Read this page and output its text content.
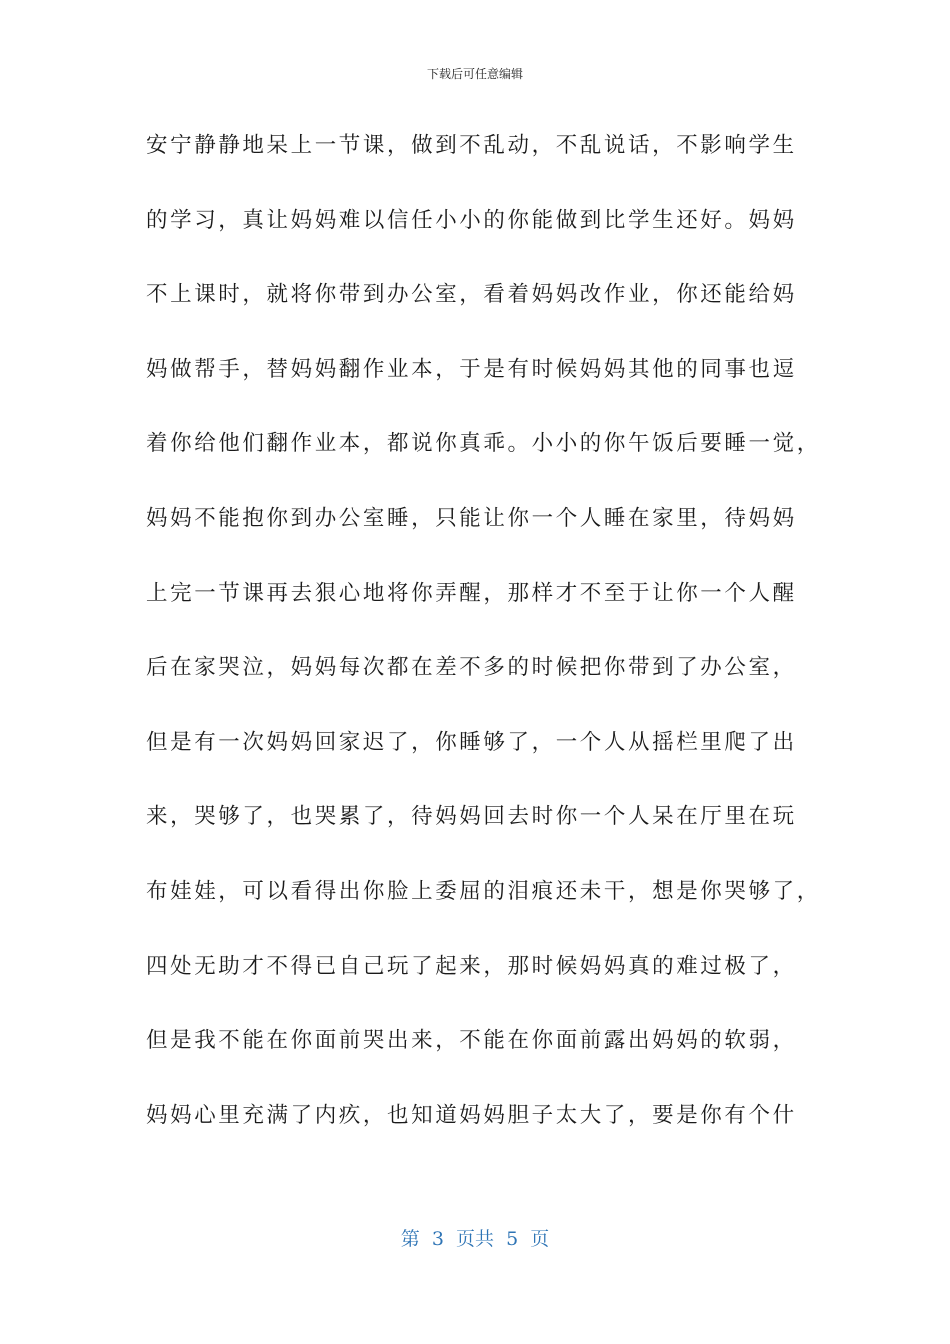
下载后可任意编辑
安宁静静地呆上一节课，做到不乱动，不乱说话，不影响学生
的学习，真让妈妈难以信任小小的你能做到比学生还好。妈妈
不上课时，就将你带到办公室，看着妈妈改作业，你还能给妈
妈做帮手，替妈妈翻作业本，于是有时候妈妈其他的同事也逗
着你给他们翻作业本，都说你真乖。小小的你午饭后要睡一觉，
妈妈不能抱你到办公室睡，只能让你一个人睡在家里，待妈妈
上完一节课再去狠心地将你弄醒，那样才不至于让你一个人醒
后在家哭泣，妈妈每次都在差不多的时候把你带到了办公室，
但是有一次妈妈回家迟了，你睡够了，一个人从摇栏里爬了出
来，哭够了，也哭累了，待妈妈回去时你一个人呆在厅里在玩
布娃娃，可以看得出你脸上委屈的泪痕还未干，想是你哭够了，
四处无助才不得已自己玩了起来，那时候妈妈真的难过极了，
但是我不能在你面前哭出来，不能在你面前露出妈妈的软弱，
妈妈心里充满了内疚，也知道妈妈胆子太大了，要是你有个什
第  3  页共  5  页
